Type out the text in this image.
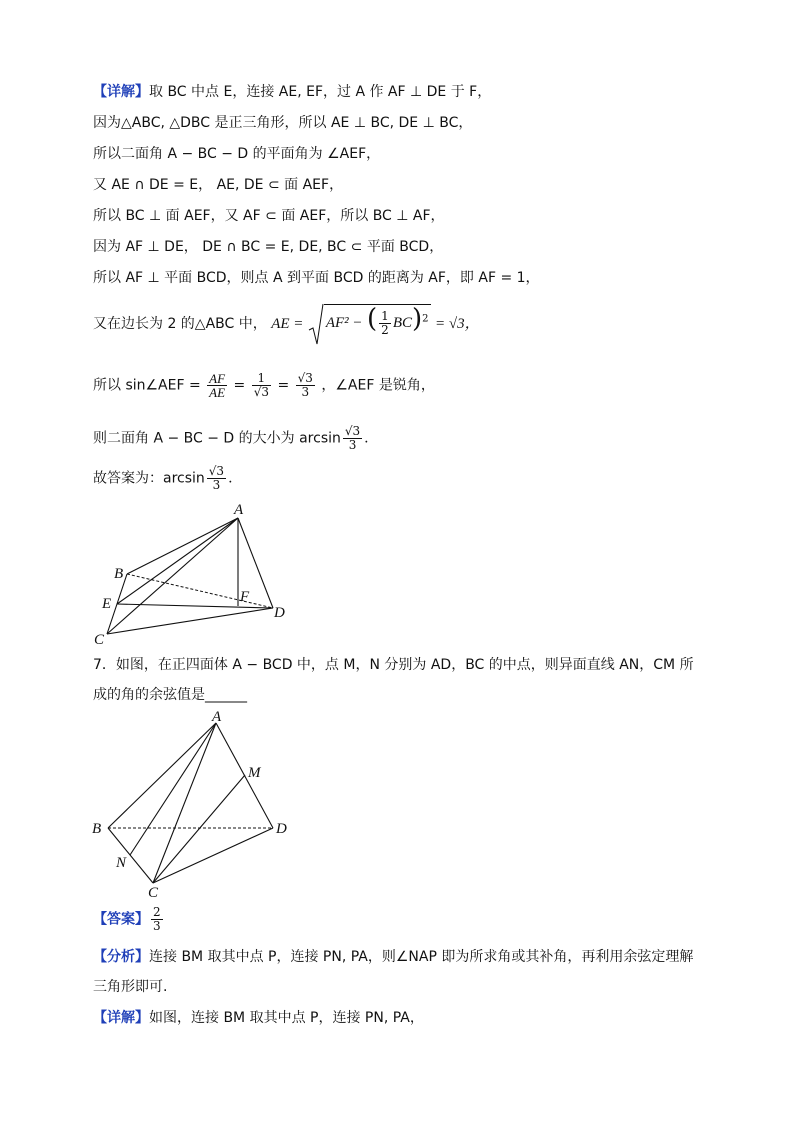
【详解】取 BC 中点 E，连接 AE, EF，过 A 作 AF ⊥ DE 于 F，
因为△ABC, △DBC 是正三角形，所以 AE ⊥ BC, DE ⊥ BC，
所以二面角 A − BC − D 的平面角为 ∠AEF，
又 AE ∩ DE = E， AE, DE ⊂ 面 AEF，
所以 BC ⊥ 面 AEF，又 AF ⊂ 面 AEF，所以 BC ⊥ AF，
因为 AF ⊥ DE， DE ∩ BC = E, DE, BC ⊂ 平面 BCD，
所以 AF ⊥ 平面 BCD，则点 A 到平面 BCD 的距离为 AF，即 AF = 1，
又在边长为 2 的△ABC 中， AE = AF² − ( $\frac{1}{2} BC)^2 = √3$，
所以 sin∠AEF = $\frac{AF}{AE} = \frac{1}{√3} = \frac{√3}{3}$ ，∠AEF 是锐角，
则二面角 A − BC − D 的大小为 $\arcsin \frac{√3}{3}$ .
故答案为：$\arcsin \frac{√3}{3}$ .
A
B
E	F
D
C
7．如图，在正四面体 A − BCD 中，点 M，N 分别为 AD，BC 的中点，则异面直线 AN，CM 所成的角的余弦值是______
A
M
B	D
N
C
【答案】 $\frac{2}{3}$
【分析】连接 BM 取其中点 P，连接 PN, PA，则∠NAP 即为所求角或其补角，再利用余弦定理解三角形即可.
【详解】如图，连接 BM 取其中点 P，连接 PN, PA，
